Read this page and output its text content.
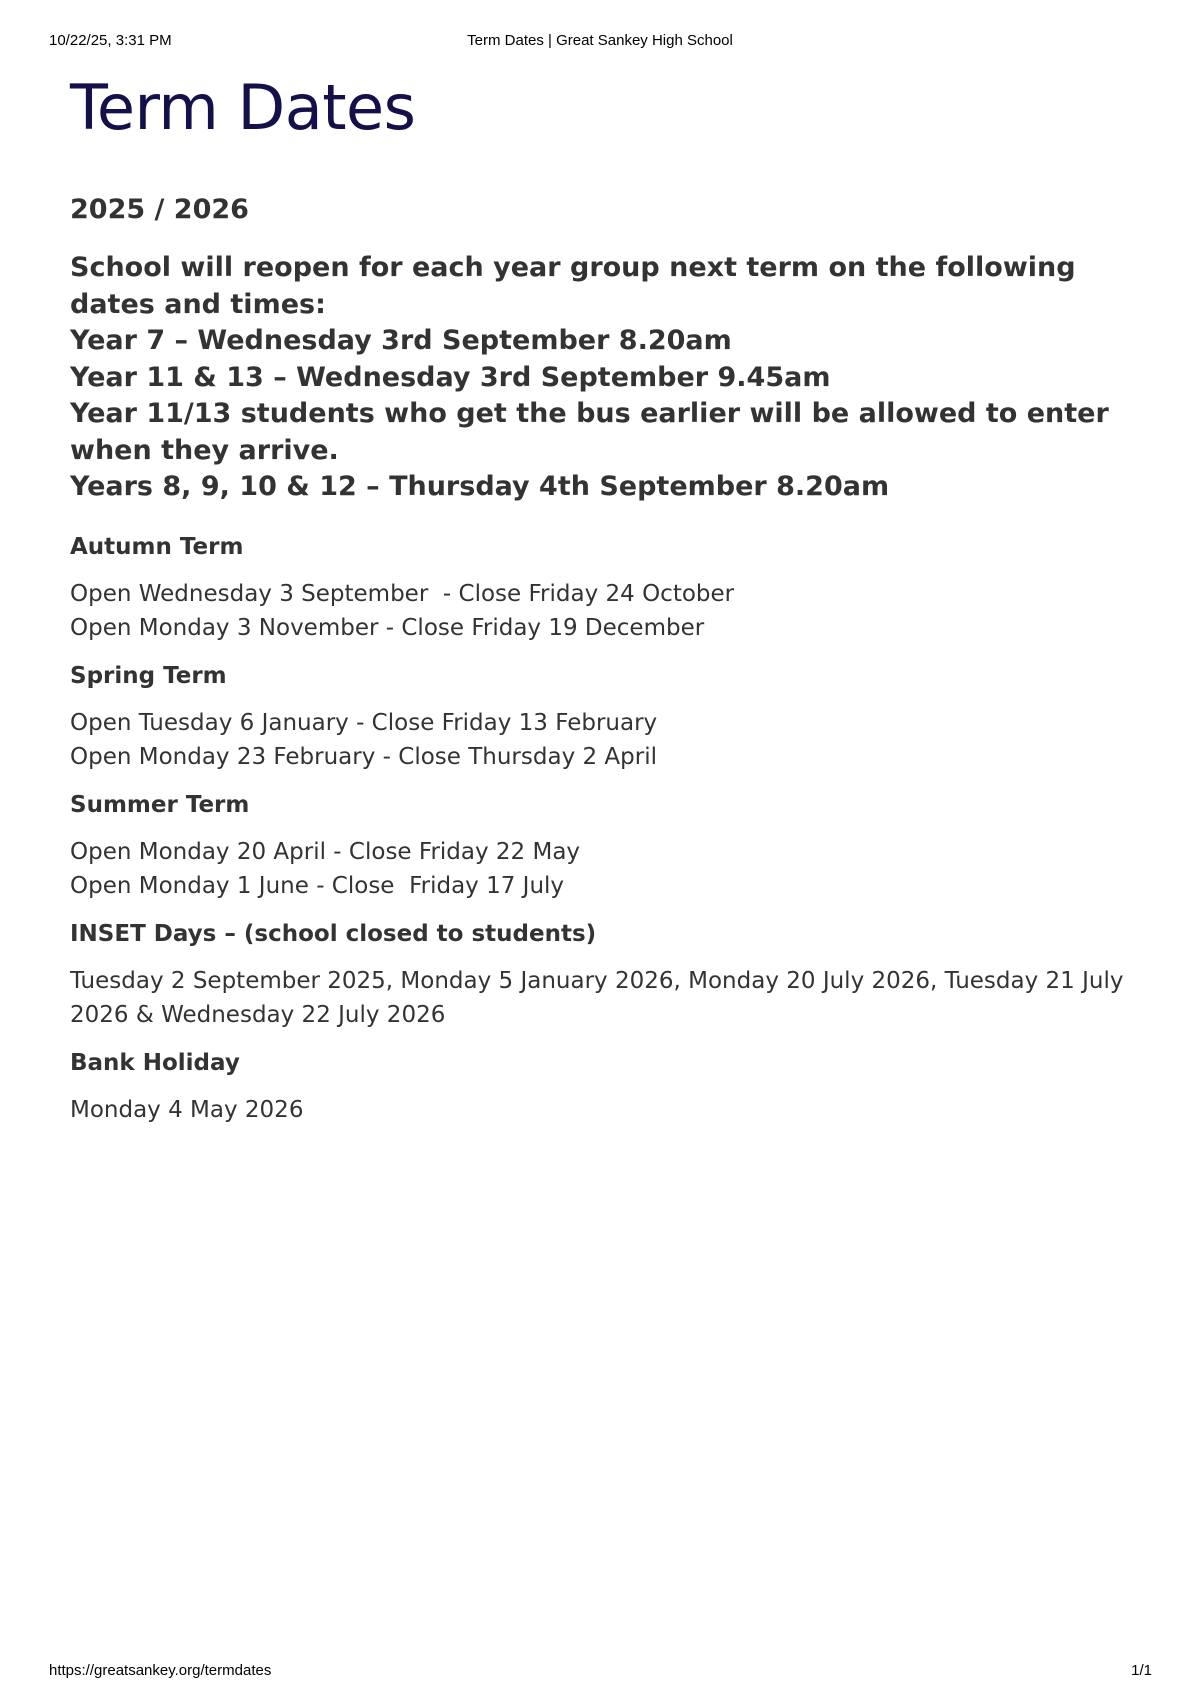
10/22/25, 3:31 PM	Term Dates | Great Sankey High School
Term Dates
2025 / 2026
School will reopen for each year group next term on the following dates and times:
Year 7 – Wednesday 3rd September 8.20am
Year 11 & 13 – Wednesday 3rd September 9.45am
Year 11/13 students who get the bus earlier will be allowed to enter when they arrive.
Years 8, 9, 10 & 12 – Thursday 4th September 8.20am
Autumn Term
Open Wednesday 3 September  - Close Friday 24 October
Open Monday 3 November - Close Friday 19 December
Spring Term
Open Tuesday 6 January - Close Friday 13 February
Open Monday 23 February - Close Thursday 2 April
Summer Term
Open Monday 20 April - Close Friday 22 May
Open Monday 1 June - Close  Friday 17 July
INSET Days – (school closed to students)
Tuesday 2 September 2025, Monday 5 January 2026, Monday 20 July 2026, Tuesday 21 July 2026 & Wednesday 22 July 2026
Bank Holiday
Monday 4 May 2026
https://greatsankey.org/termdates	1/1
